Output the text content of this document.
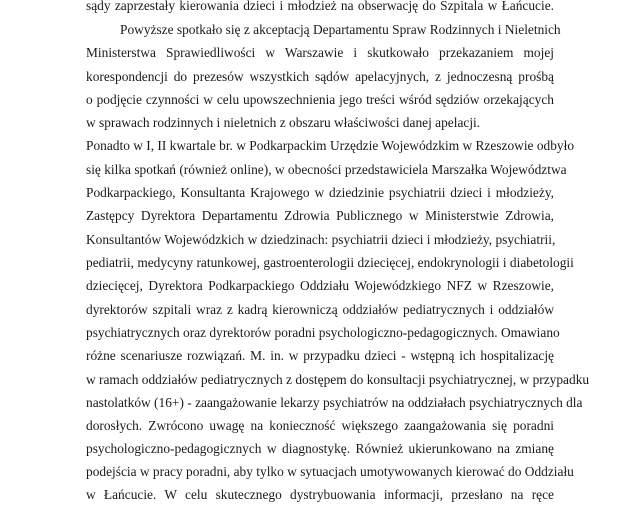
sądy zaprzestały kierowania dzieci i młodzież na obserwację do Szpitala w Łańcucie.
Powyższe spotkało się z akceptacją Departamentu Spraw Rodzinnych i Nieletnich
Ministerstwa Sprawiedliwości w Warszawie i skutkowało przekazaniem mojej
korespondencji do prezesów wszystkich sądów apelacyjnych, z jednoczesną prośbą
o podjęcie czynności w celu upowszechnienia jego treści wśród sędziów orzekających
w sprawach rodzinnych i nieletnich z obszaru właściwości danej apelacji.
Ponadto w I, II kwartale br. w Podkarpackim Urzędzie Wojewódzkim w Rzeszowie odbyło
się kilka spotkań (również online), w obecności przedstawiciela Marszałka Województwa
Podkarpackiego, Konsultanta Krajowego w dziedzinie psychiatrii dzieci i młodzieży,
Zastępcy Dyrektora Departamentu Zdrowia Publicznego w Ministerstwie Zdrowia,
Konsultantów Wojewódzkich w dziedzinach: psychiatrii dzieci i młodzieży, psychiatrii,
pediatrii, medycyny ratunkowej, gastroenterologii dziecięcej, endokrynologii i diabetologii
dziecięcej, Dyrektora Podkarpackiego Oddziału Wojewódzkiego NFZ w Rzeszowie,
dyrektorów szpitali wraz z kadrą kierowniczą oddziałów pediatrycznych i oddziałów
psychiatrycznych oraz dyrektorów poradni psychologiczno-pedagogicznych. Omawiano
różne scenariusze rozwiązań. M. in. w przypadku dzieci - wstępną ich hospitalizację
w ramach oddziałów pediatrycznych z dostępem do konsultacji psychiatrycznej, w przypadku
nastolatków (16+) - zaangażowanie lekarzy psychiatrów na oddziałach psychiatrycznych dla
dorosłych. Zwrócono uwagę na konieczność większego zaangażowania się poradni
psychologiczno-pedagogicznych w diagnostykę. Również ukierunkowano na zmianę
podejścia w pracy poradni, aby tylko w sytuacjach umotywowanych kierować do Oddziału
w Łańcucie. W celu skutecznego dystrybuowania informacji, przesłano na ręce
